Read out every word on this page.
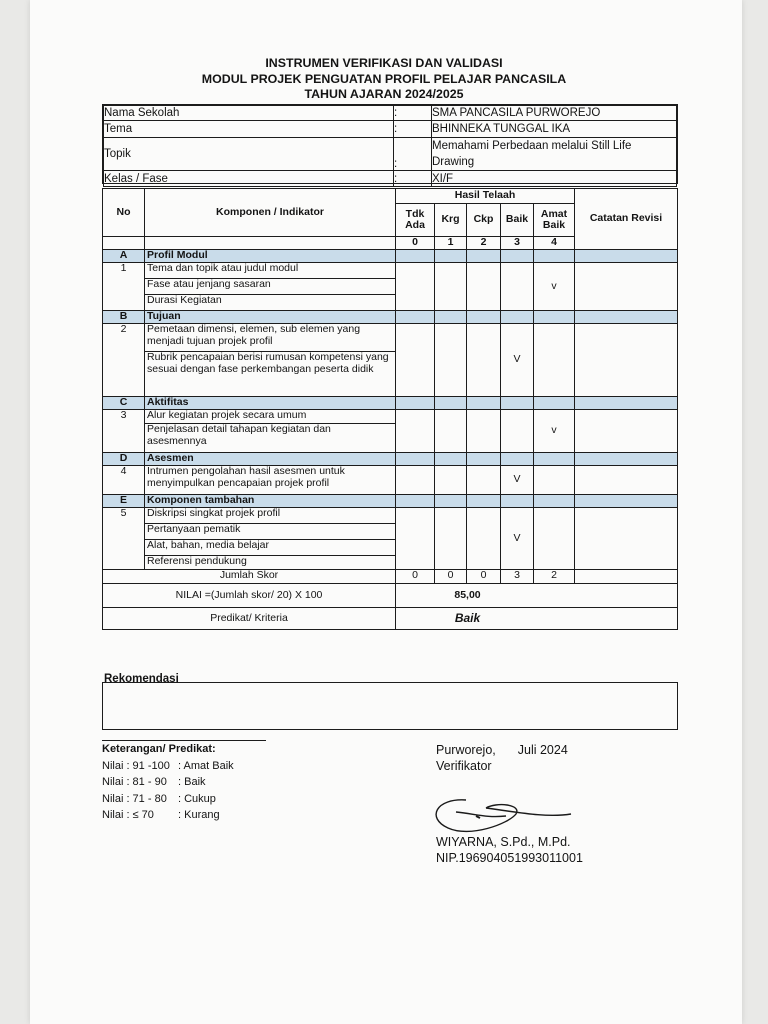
INSTRUMEN VERIFIKASI DAN VALIDASI
MODUL PROJEK PENGUATAN PROFIL PELAJAR PANCASILA
TAHUN AJARAN 2024/2025
Nama Sekolah	:	SMA PANCASILA PURWOREJO
Tema	:	BHINNEKA TUNGGAL IKA
Topik	:	Memahami Perbedaan melalui Still Life Drawing
Kelas / Fase	:	XI/F
No	Komponen / Indikator	Hasil Telaah					Catatan Revisi
		Tdk Ada	Krg	Ckp	Baik	Amat Baik	
		0	1	2	3	4	
A	Profil Modul						
1	Tema dan topik atau judul modul					v	
	Fase atau jenjang sasaran						
	Durasi Kegiatan						
B	Tujuan						
2	Pemetaan dimensi, elemen, sub elemen yang menjadi tujuan projek profil				V		
	Rubrik pencapaian berisi rumusan kompetensi yang sesuai dengan fase perkembangan peserta didik						
C	Aktifitas						
3	Alur kegiatan projek secara umum					v	
	Penjelasan detail tahapan kegiatan dan asesmennya						
D	Asesmen						
4	Intrumen pengolahan hasil asesmen untuk menyimpulkan pencapaian projek profil				V		
E	Komponen tambahan						
5	Diskripsi singkat projek profil				V		
	Pertanyaan pematik						
	Alat, bahan, media belajar						
	Referensi pendukung						
Jumlah Skor		0	0	0	3	2	
NILAI =(Jumlah skor/ 20) X 100		85,00					
Predikat/ Kriteria		Baik					
Rekomendasi
Keterangan/ Predikat:
Nilai : 91 -100 : Amat Baik
Nilai : 81 - 90	: Baik
Nilai : 71 - 80	: Cukup
Nilai : ≤ 70	: Kurang
Purworejo, Juli 2024
Verifikator
WIYARNA, S.Pd., M.Pd.
NIP.196904051993011001
